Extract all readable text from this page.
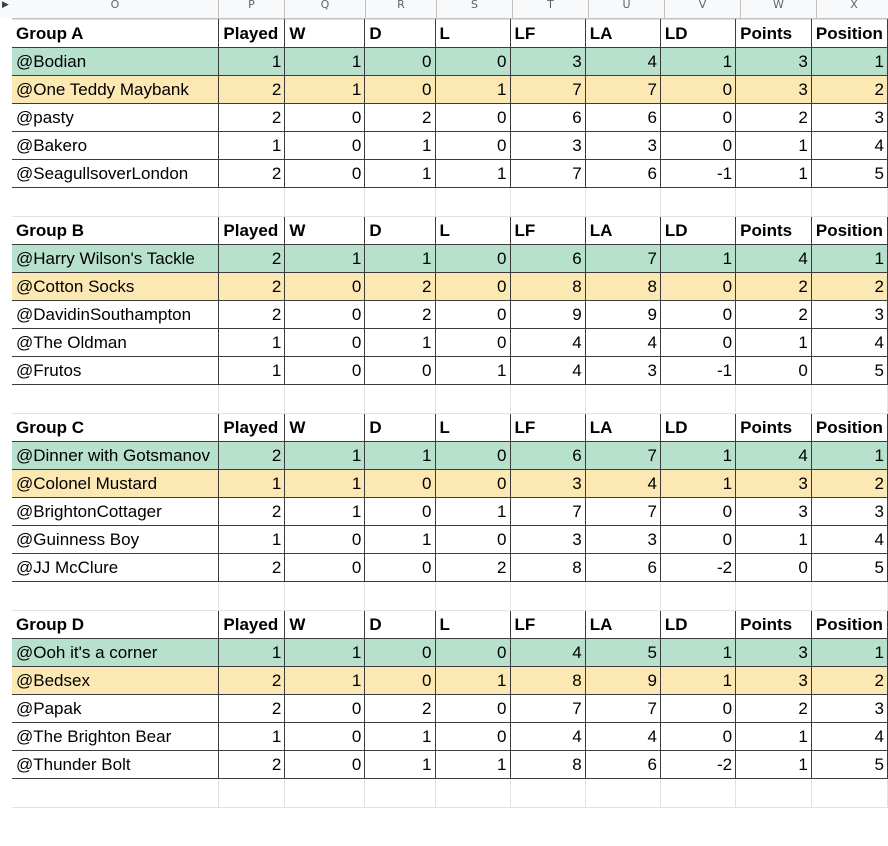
▶	O	P	Q	R	S	T	U	V	W	X
Group A	Played	W	D	L	LF	LA	LD	Points	Position
@Bodian	1	1	0	0	3	4	1	3	1
@One Teddy Maybank	2	1	0	1	7	7	0	3	2
@pasty	2	0	2	0	6	6	0	2	3
@Bakero	1	0	1	0	3	3	0	1	4
@SeagullsoverLondon	2	0	1	1	7	6	-1	1	5

Group B	Played	W	D	L	LF	LA	LD	Points	Position
@Harry Wilson's Tackle	2	1	1	0	6	7	1	4	1
@Cotton Socks	2	0	2	0	8	8	0	2	2
@DavidinSouthampton	2	0	2	0	9	9	0	2	3
@The Oldman	1	0	1	0	4	4	0	1	4
@Frutos	1	0	0	1	4	3	-1	0	5

Group C	Played	W	D	L	LF	LA	LD	Points	Position
@Dinner with Gotsmanov	2	1	1	0	6	7	1	4	1
@Colonel Mustard	1	1	0	0	3	4	1	3	2
@BrightonCottager	2	1	0	1	7	7	0	3	3
@Guinness Boy	1	0	1	0	3	3	0	1	4
@JJ McClure	2	0	0	2	8	6	-2	0	5

Group D	Played	W	D	L	LF	LA	LD	Points	Position
@Ooh it's a corner	1	1	0	0	4	5	1	3	1
@Bedsex	2	1	0	1	8	9	1	3	2
@Papak	2	0	2	0	7	7	0	2	3
@The Brighton Bear	1	0	1	0	4	4	0	1	4
@Thunder Bolt	2	0	1	1	8	6	-2	1	5
